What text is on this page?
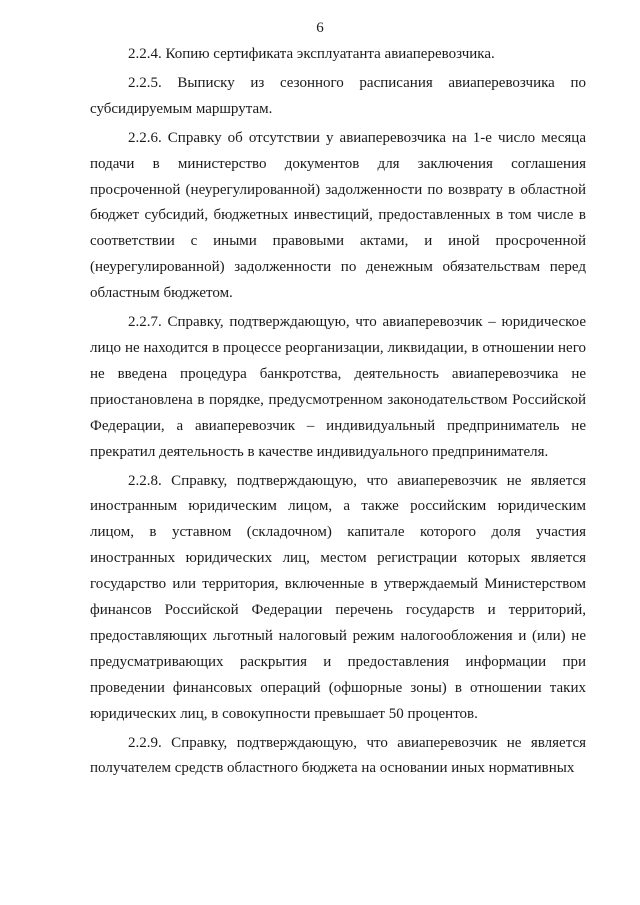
6

2.2.4. Копию сертификата эксплуатанта авиаперевозчика.

2.2.5. Выписку из сезонного расписания авиаперевозчика по субсидируемым маршрутам.

2.2.6. Справку об отсутствии у авиаперевозчика на 1-е число месяца подачи в министерство документов для заключения соглашения просроченной (неурегулированной) задолженности по возврату в областной бюджет субсидий, бюджетных инвестиций, предоставленных в том числе в соответствии с иными правовыми актами, и иной просроченной (неурегулированной) задолженности по денежным обязательствам перед областным бюджетом.

2.2.7. Справку, подтверждающую, что авиаперевозчик – юридическое лицо не находится в процессе реорганизации, ликвидации, в отношении него не введена процедура банкротства, деятельность авиаперевозчика не приостановлена в порядке, предусмотренном законодательством Российской Федерации, а авиаперевозчик – индивидуальный предприниматель не прекратил деятельность в качестве индивидуального предпринимателя.

2.2.8. Справку, подтверждающую, что авиаперевозчик не является иностранным юридическим лицом, а также российским юридическим лицом, в уставном (складочном) капитале которого доля участия иностранных юридических лиц, местом регистрации которых является государство или территория, включенные в утверждаемый Министерством финансов Российской Федерации перечень государств и территорий, предоставляющих льготный налоговый режим налогообложения и (или) не предусматривающих раскрытия и предоставления информации при проведении финансовых операций (офшорные зоны) в отношении таких юридических лиц, в совокупности превышает 50 процентов.

2.2.9. Справку, подтверждающую, что авиаперевозчик не является получателем средств областного бюджета на основании иных нормативных
